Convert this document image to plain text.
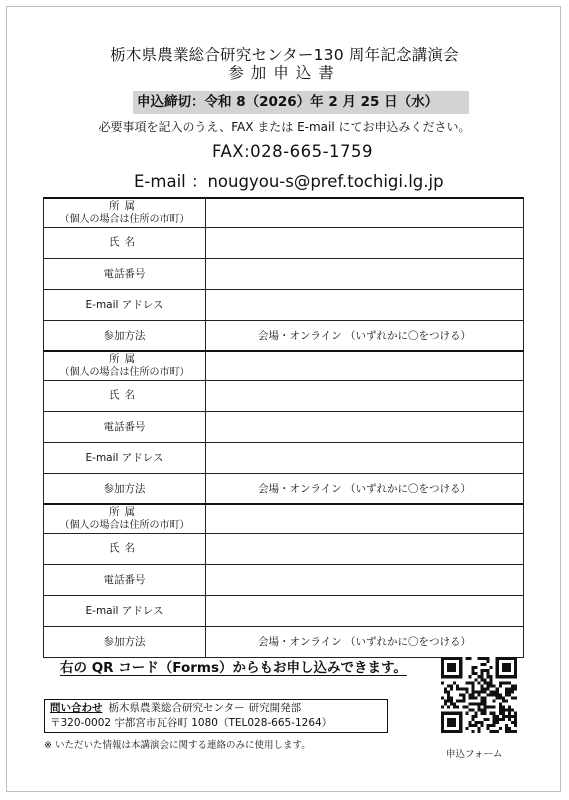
栃木県農業総合研究センター130 周年記念講演会
参加申込書
申込締切：令和 8（2026）年 2 月 25 日（水）
必要事項を記入のうえ、FAX または E-mail にてお申込みください。
FAX:028-665-1759
E-mail ：nougyou-s@pref.tochigi.lg.jp
所属
（個人の場合は住所の市町）	

氏名	

電話番号	
E-mail アドレス	
参加方法	会場・オンライン （いずれかに〇をつける）

所属
（個人の場合は住所の市町）	

氏名	

電話番号	
E-mail アドレス	
参加方法	会場・オンライン （いずれかに〇をつける）

所属
（個人の場合は住所の市町）	

氏名	

電話番号	
E-mail アドレス	
参加方法	会場・オンライン （いずれかに〇をつける）
右の QR コード（Forms）からもお申し込みできます。
問い合わせ 栃木県農業総合研究センター 研究開発部
〒320-0002 宇都宮市瓦谷町 1080（TEL028-665-1264）
※ いただいた情報は本講演会に関する連絡のみに使用します。
申込フォーム
